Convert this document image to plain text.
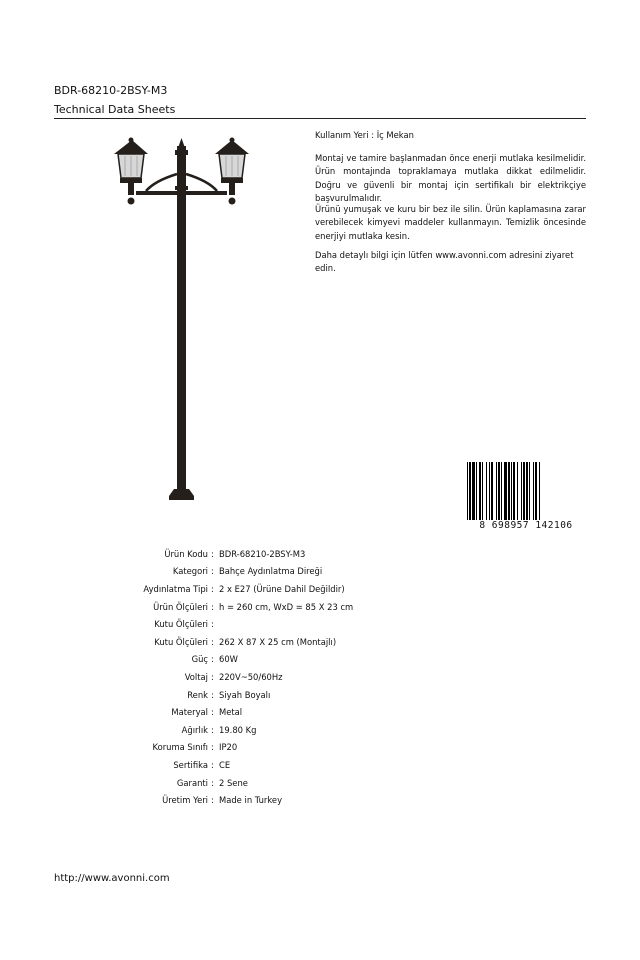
BDR-68210-2BSY-M3
Technical Data Sheets
Kullanım Yeri : İç Mekan
Montaj ve tamire başlanmadan önce enerji mutlaka kesilmelidir. Ürün montajında topraklamaya mutlaka dikkat edilmelidir. Doğru ve güvenli bir montaj için sertifikalı bir elektrikçiye başvurulmalıdır.
Ürünü yumuşak ve kuru bir bez ile silin. Ürün kaplamasına zarar verebilecek kimyevi maddeler kullanmayın. Temizlik öncesinde enerjiyi mutlaka kesin.
Daha detaylı bilgi için lütfen www.avonni.com adresini ziyaret edin.
8 698957 142106
Ürün Kodu : BDR-68210-2BSY-M3
Kategori : Bahçe Aydınlatma Direği
Aydınlatma Tipi : 2 x E27 (Ürüne Dahil Değildir)
Ürün Ölçüleri : h = 260 cm, WxD = 85 X 23 cm
Kutu Ölçüleri :
Kutu Ölçüleri : 262 X 87 X 25 cm (Montajlı)
Güç : 60W
Voltaj : 220V~50/60Hz
Renk : Siyah Boyalı
Materyal : Metal
Ağırlık : 19.80 Kg
Koruma Sınıfı : IP20
Sertifika : CE
Garanti : 2 Sene
Üretim Yeri : Made in Turkey
http://www.avonni.com
